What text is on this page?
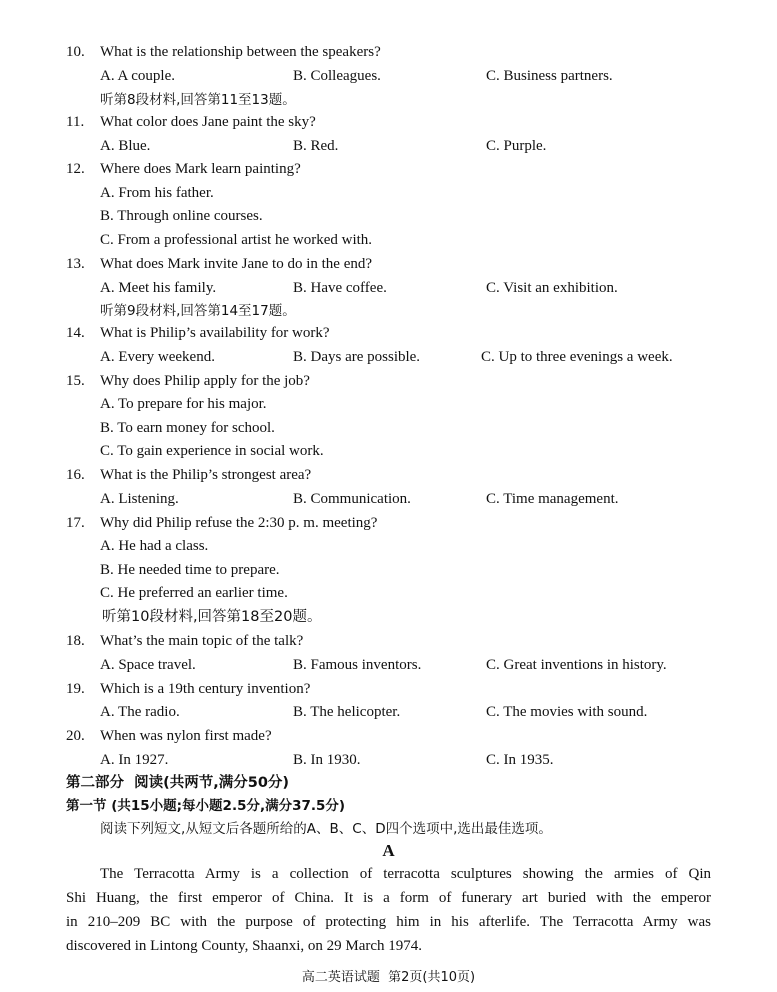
10. What is the relationship between the speakers?
A. A couple.	B. Colleagues.	C. Business partners.
听第8段材料,回答第11至13题。
11. What color does Jane paint the sky?
A. Blue.	B. Red.	C. Purple.
12. Where does Mark learn painting?
A. From his father.
B. Through online courses.
C. From a professional artist he worked with.
13. What does Mark invite Jane to do in the end?
A. Meet his family.	B. Have coffee.	C. Visit an exhibition.
听第9段材料,回答第14至17题。
14. What is Philip’s availability for work?
A. Every weekend.	B. Days are possible.	C. Up to three evenings a week.
15. Why does Philip apply for the job?
A. To prepare for his major.
B. To earn money for school.
C. To gain experience in social work.
16. What is the Philip’s strongest area?
A. Listening.	B. Communication.	C. Time management.
17. Why did Philip refuse the 2:30 p. m. meeting?
A. He had a class.
B. He needed time to prepare.
C. He preferred an earlier time.
听第10段材料,回答第18至20题。
18. What’s the main topic of the talk?
A. Space travel.	B. Famous inventors.	C. Great inventions in history.
19. Which is a 19th century invention?
A. The radio.	B. The helicopter.	C. The movies with sound.
20. When was nylon first made?
A. In 1927.	B. In 1930.	C. In 1935.
第二部分  阅读(共两节,满分50分)
第一节 (共15小题;每小题2.5分,满分37.5分)
阅读下列短文,从短文后各题所给的A、B、C、D四个选项中,选出最佳选项。
A
The Terracotta Army is a collection of terracotta sculptures showing the armies of Qin
Shi Huang, the first emperor of China. It is a form of funerary art buried with the emperor
in 210–209 BC with the purpose of protecting him in his afterlife. The Terracotta Army was
discovered in Lintong County, Shaanxi, on 29 March 1974.
高二英语试题  第2页(共10页)
